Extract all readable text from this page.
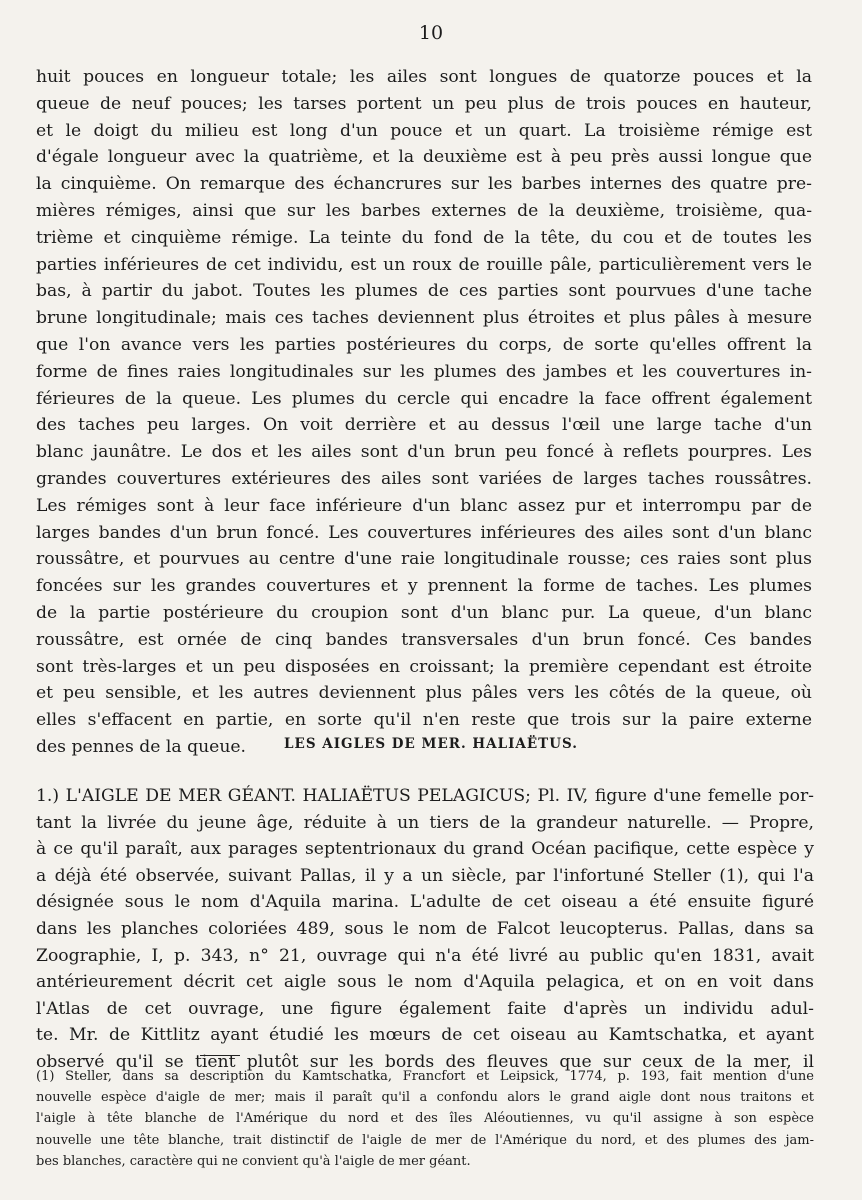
10
huit pouces en longueur totale; les ailes sont longues de quatorze pouces et la
queue de neuf pouces; les tarses portent un peu plus de trois pouces en hauteur,
et le doigt du milieu est long d'un pouce et un quart. La troisième rémige est
d'égale longueur avec la quatrième, et la deuxième est à peu près aussi longue que
la cinquième. On remarque des échancrures sur les barbes internes des quatre pre-
mières rémiges, ainsi que sur les barbes externes de la deuxième, troisième, qua-
trième et cinquième rémige. La teinte du fond de la tête, du cou et de toutes les
parties inférieures de cet individu, est un roux de rouille pâle, particulièrement vers le
bas, à partir du jabot. Toutes les plumes de ces parties sont pourvues d'une tache
brune longitudinale; mais ces taches deviennent plus étroites et plus pâles à mesure
que l'on avance vers les parties postérieures du corps, de sorte qu'elles offrent la
forme de fines raies longitudinales sur les plumes des jambes et les couvertures in-
férieures de la queue. Les plumes du cercle qui encadre la face offrent également
des taches peu larges. On voit derrière et au dessus l'œil une large tache d'un
blanc jaunâtre. Le dos et les ailes sont d'un brun peu foncé à reflets pourpres. Les
grandes couvertures extérieures des ailes sont variées de larges taches roussâtres.
Les rémiges sont à leur face inférieure d'un blanc assez pur et interrompu par de
larges bandes d'un brun foncé. Les couvertures inférieures des ailes sont d'un blanc
roussâtre, et pourvues au centre d'une raie longitudinale rousse; ces raies sont plus
foncées sur les grandes couvertures et y prennent la forme de taches. Les plumes
de la partie postérieure du croupion sont d'un blanc pur. La queue, d'un blanc
roussâtre, est ornée de cinq bandes transversales d'un brun foncé. Ces bandes
sont très-larges et un peu disposées en croissant; la première cependant est étroite
et peu sensible, et les autres deviennent plus pâles vers les côtés de la queue, où
elles s'effacent en partie, en sorte qu'il n'en reste que trois sur la paire externe
des pennes de la queue.	LES AIGLES DE MER. HALIAËTUS.
1.) L'AIGLE DE MER GÉANT. HALIAËTUS PELAGICUS; Pl. IV, figure d'une femelle por-
tant la livrée du jeune âge, réduite à un tiers de la grandeur naturelle. — Propre,
à ce qu'il paraît, aux parages septentrionaux du grand Océan pacifique, cette espèce y
a déjà été observée, suivant Pallas, il y a un siècle, par l'infortuné Steller (1), qui l'a
désignée sous le nom d'Aquila marina. L'adulte de cet oiseau a été ensuite figuré
dans les planches coloriées 489, sous le nom de Falcot leucopterus. Pallas, dans sa
Zoographie, I, p. 343, n° 21, ouvrage qui n'a été livré au public qu'en 1831, avait
antérieurement décrit cet aigle sous le nom d'Aquila pelagica, et on en voit dans
l'Atlas de cet ouvrage, une figure également faite d'après un individu adul-
te. Mr. de Kittlitz ayant étudié les mœurs de cet oiseau au Kamtschatka, et ayant
observé qu'il se tient plutôt sur les bords des fleuves que sur ceux de la mer, il
(1) Steller, dans sa description du Kamtschatka, Francfort et Leipsick, 1774, p. 193, fait mention d'une
nouvelle espèce d'aigle de mer; mais il paraît qu'il a confondu alors le grand aigle dont nous traitons et
l'aigle à tête blanche de l'Amérique du nord et des îles Aléoutiennes, vu qu'il assigne à son espèce
nouvelle une tête blanche, trait distinctif de l'aigle de mer de l'Amérique du nord, et des plumes des jam-
bes blanches, caractère qui ne convient qu'à l'aigle de mer géant.
